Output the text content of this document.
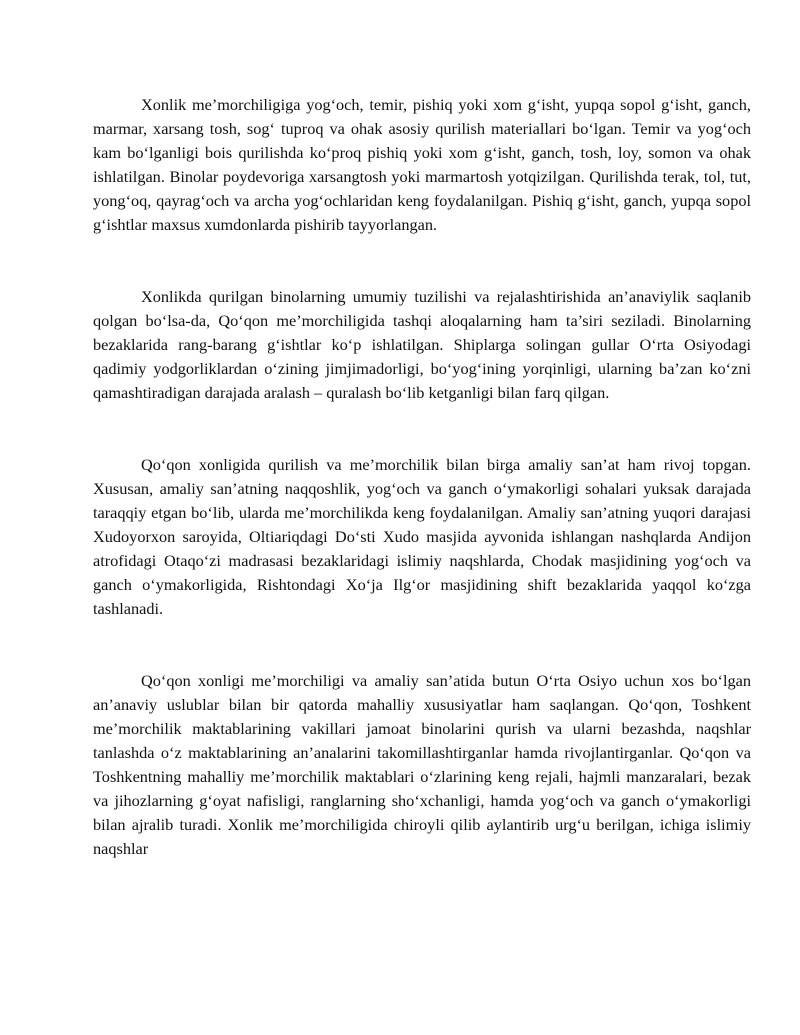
Xonlik me’morchiligiga yog‘och, temir, pishiq yoki xom g‘isht, yupqa sopol g‘isht, ganch, marmar, xarsang tosh, sog‘ tuproq va ohak asosiy qurilish materiallari bo‘lgan. Temir va yog‘och kam bo‘lganligi bois qurilishda ko‘proq pishiq yoki xom g‘isht, ganch, tosh, loy, somon va ohak ishlatilgan. Binolar poydevoriga xarsangtosh yoki marmartosh yotqizilgan. Qurilishda terak, tol, tut, yong‘oq, qayrag‘och va archa yog‘ochlaridan keng foydalanilgan. Pishiq g‘isht, ganch, yupqa sopol g‘ishtlar maxsus xumdonlarda pishirib tayyorlangan.

Xonlikda qurilgan binolarning umumiy tuzilishi va rejalashtirishida an’anaviylik saqlanib qolgan bo‘lsa-da, Qo‘qon me’morchiligida tashqi aloqalarning ham ta’siri seziladi. Binolarning bezaklarida rang-barang g‘ishtlar ko‘p ishlatilgan. Shiplarga solingan gullar O‘rta Osiyodagi qadimiy yodgorliklardan o‘zining jimjimadorligi, bo‘yog‘ining yorqinligi, ularning ba’zan ko‘zni qamashtiradigan darajada aralash – quralash bo‘lib ketganligi bilan farq qilgan.

Qo‘qon xonligida qurilish va me’morchilik bilan birga amaliy san’at ham rivoj topgan. Xususan, amaliy san’atning naqqoshlik, yog‘och va ganch o‘ymakorligi sohalari yuksak darajada taraqqiy etgan bo‘lib, ularda me’morchilikda keng foydalanilgan. Amaliy san’atning yuqori darajasi Xudoyorxon saroyida, Oltiariqdagi Do‘sti Xudo masjida ayvonida ishlangan nashqlarda Andijon atrofidagi Otaqo‘zi madrasasi bezaklaridagi islimiy naqshlarda, Chodak masjidining yog‘och va ganch o‘ymakorligida, Rishtondagi Xo‘ja Ilg‘or masjidining shift bezaklarida yaqqol ko‘zga tashlanadi.

Qo‘qon xonligi me’morchiligi va amaliy san’atida butun O‘rta Osiyo uchun xos bo‘lgan an’anaviy uslublar bilan bir qatorda mahalliy xususiyatlar ham saqlangan. Qo‘qon, Toshkent me’morchilik maktablarining vakillari jamoat binolarini qurish va ularni bezashda, naqshlar tanlashda o‘z maktablarining an’analarini takomillashtirganlar hamda rivojlantirganlar. Qo‘qon va Toshkentning mahalliy me’morchilik maktablari o‘zlarining keng rejali, hajmli manzaralari, bezak va jihozlarning g‘oyat nafisligi, ranglarning sho‘xchanligi, hamda yog‘och va ganch o‘ymakorligi bilan ajralib turadi. Xonlik me’morchiligida chiroyli qilib aylantirib urg‘u berilgan, ichiga islimiy naqshlar
